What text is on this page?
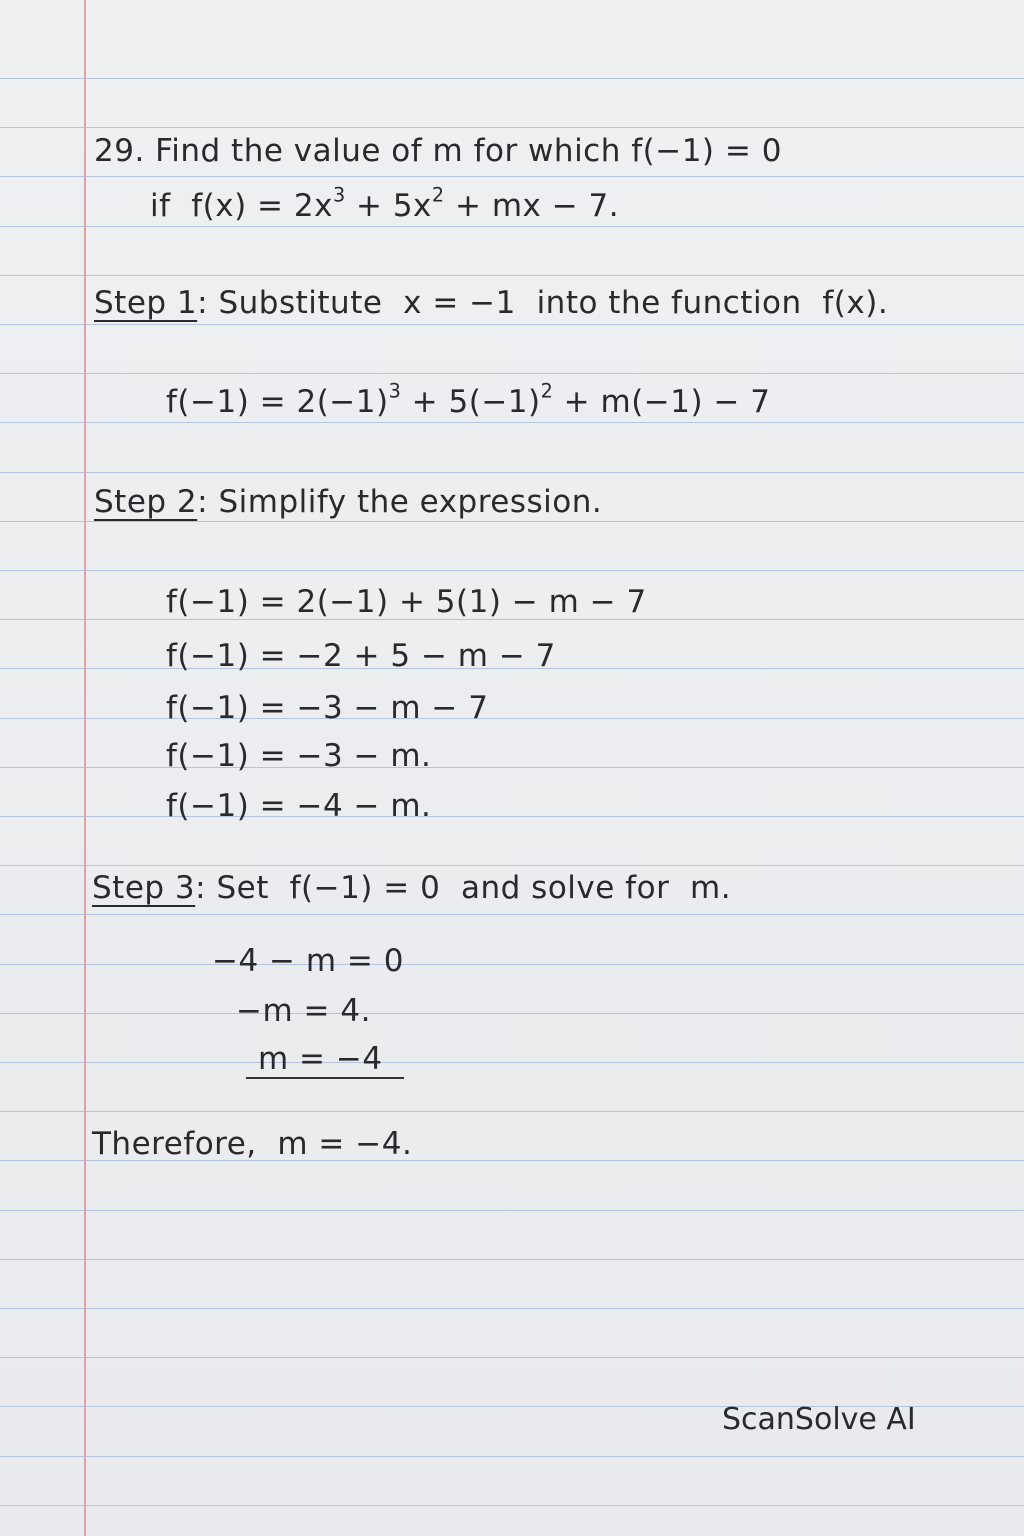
29. Find the value of m for which f(−1) = 0
if  $f(x) = 2x^3 + 5x^2$ + mx − 7.
Step 1: Substitute  x = −1  into the function  f(x).
$f(-1) = 2(-1)^3 + 5(-1)^2 + m(-1) - 7$
Step 2: Simplify the expression.
f(−1) = 2(−1) + 5(1) − m − 7
f(−1) = −2 + 5 − m − 7
f(−1) = −3 − m − 7
f(−1) = −3 − m.
f(−1) = −4 − m.
Step 3: Set  f(−1) = 0  and solve for  m.
−4 − m = 0
−m = 4.
m = −4
Therefore,  m = −4.
ScanSolve AI
